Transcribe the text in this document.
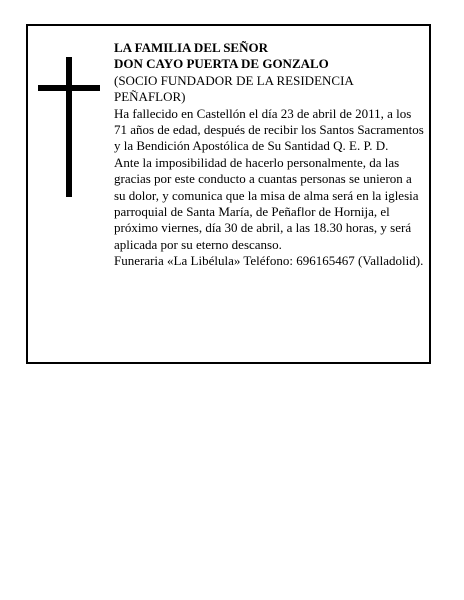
LA FAMILIA DEL SEÑOR

DON CAYO PUERTA DE GONZALO

(SOCIO FUNDADOR DE LA RESIDENCIA PEÑAFLOR)

Ha fallecido en Castellón el día 23 de abril de 2011, a los 71 años de edad, después de recibir los Santos Sacramentos y la Bendición Apostólica de Su Santidad Q. E. P. D.

Ante la imposibilidad de hacerlo personalmente, da las gracias por este conducto a cuantas personas se unieron a su dolor, y comunica que la misa de alma será en la iglesia parroquial de Santa María, de Peñaflor de Hornija, el próximo viernes, día 30 de abril, a las 18.30 horas, y será aplicada por su eterno descanso.

Funeraria «La Libélula» Teléfono: 696165467 (Valladolid).
